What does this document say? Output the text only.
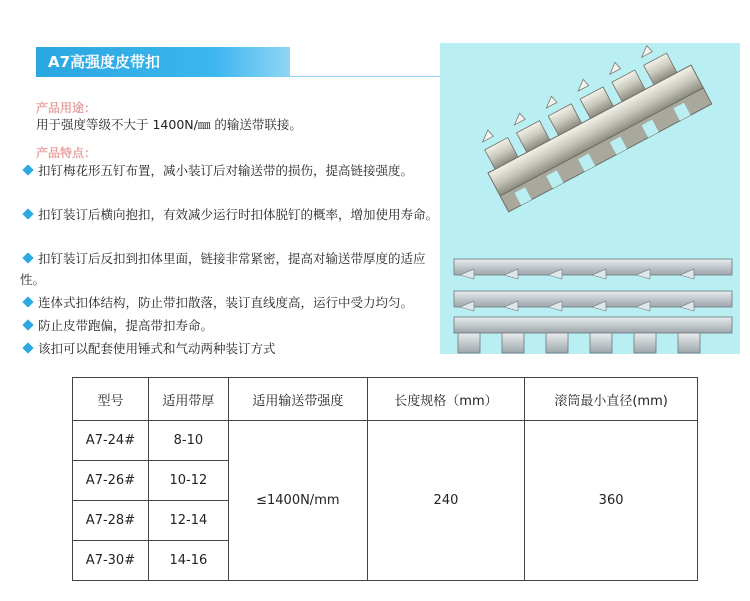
A7高强度皮带扣
产品用途：
用于强度等级不大于 1400N/㎜ 的输送带联接。
产品特点：
扣钉梅花形五钉布置，减小装订后对输送带的损伤，提高链接强度。
扣钉装订后横向抱扣，有效减少运行时扣体脱钉的概率，增加使用寿命。
扣钉装订后反扣到扣体里面，链接非常紧密，提高对输送带厚度的适应性。
连体式扣体结构，防止带扣散落，装订直线度高，运行中受力均匀。
防止皮带跑偏，提高带扣寿命。
该扣可以配套使用锤式和气动两种装订方式
型号	适用带厚	适用输送带强度	长度规格（mm）	滚筒最小直径(mm)
A7-24#	8-10	≤1400N/mm	240	360
A7-26#	10-12			
A7-28#	12-14			
A7-30#	14-16			
